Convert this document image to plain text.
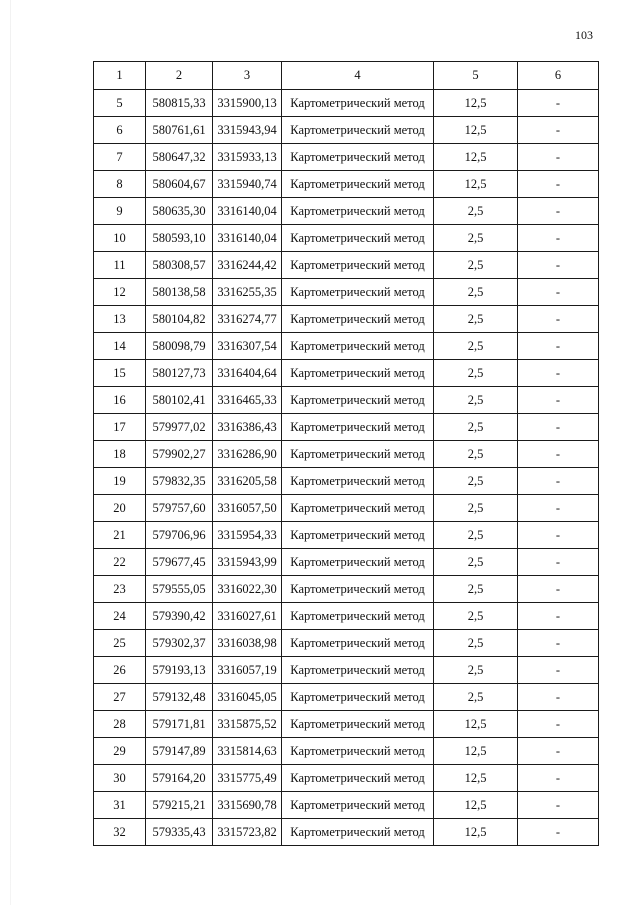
103
1	2	3	4	5	6
5	580815,33	3315900,13	Картометрический метод	12,5	-
6	580761,61	3315943,94	Картометрический метод	12,5	-
7	580647,32	3315933,13	Картометрический метод	12,5	-
8	580604,67	3315940,74	Картометрический метод	12,5	-
9	580635,30	3316140,04	Картометрический метод	2,5	-
10	580593,10	3316140,04	Картометрический метод	2,5	-
11	580308,57	3316244,42	Картометрический метод	2,5	-
12	580138,58	3316255,35	Картометрический метод	2,5	-
13	580104,82	3316274,77	Картометрический метод	2,5	-
14	580098,79	3316307,54	Картометрический метод	2,5	-
15	580127,73	3316404,64	Картометрический метод	2,5	-
16	580102,41	3316465,33	Картометрический метод	2,5	-
17	579977,02	3316386,43	Картометрический метод	2,5	-
18	579902,27	3316286,90	Картометрический метод	2,5	-
19	579832,35	3316205,58	Картометрический метод	2,5	-
20	579757,60	3316057,50	Картометрический метод	2,5	-
21	579706,96	3315954,33	Картометрический метод	2,5	-
22	579677,45	3315943,99	Картометрический метод	2,5	-
23	579555,05	3316022,30	Картометрический метод	2,5	-
24	579390,42	3316027,61	Картометрический метод	2,5	-
25	579302,37	3316038,98	Картометрический метод	2,5	-
26	579193,13	3316057,19	Картометрический метод	2,5	-
27	579132,48	3316045,05	Картометрический метод	2,5	-
28	579171,81	3315875,52	Картометрический метод	12,5	-
29	579147,89	3315814,63	Картометрический метод	12,5	-
30	579164,20	3315775,49	Картометрический метод	12,5	-
31	579215,21	3315690,78	Картометрический метод	12,5	-
32	579335,43	3315723,82	Картометрический метод	12,5	-
